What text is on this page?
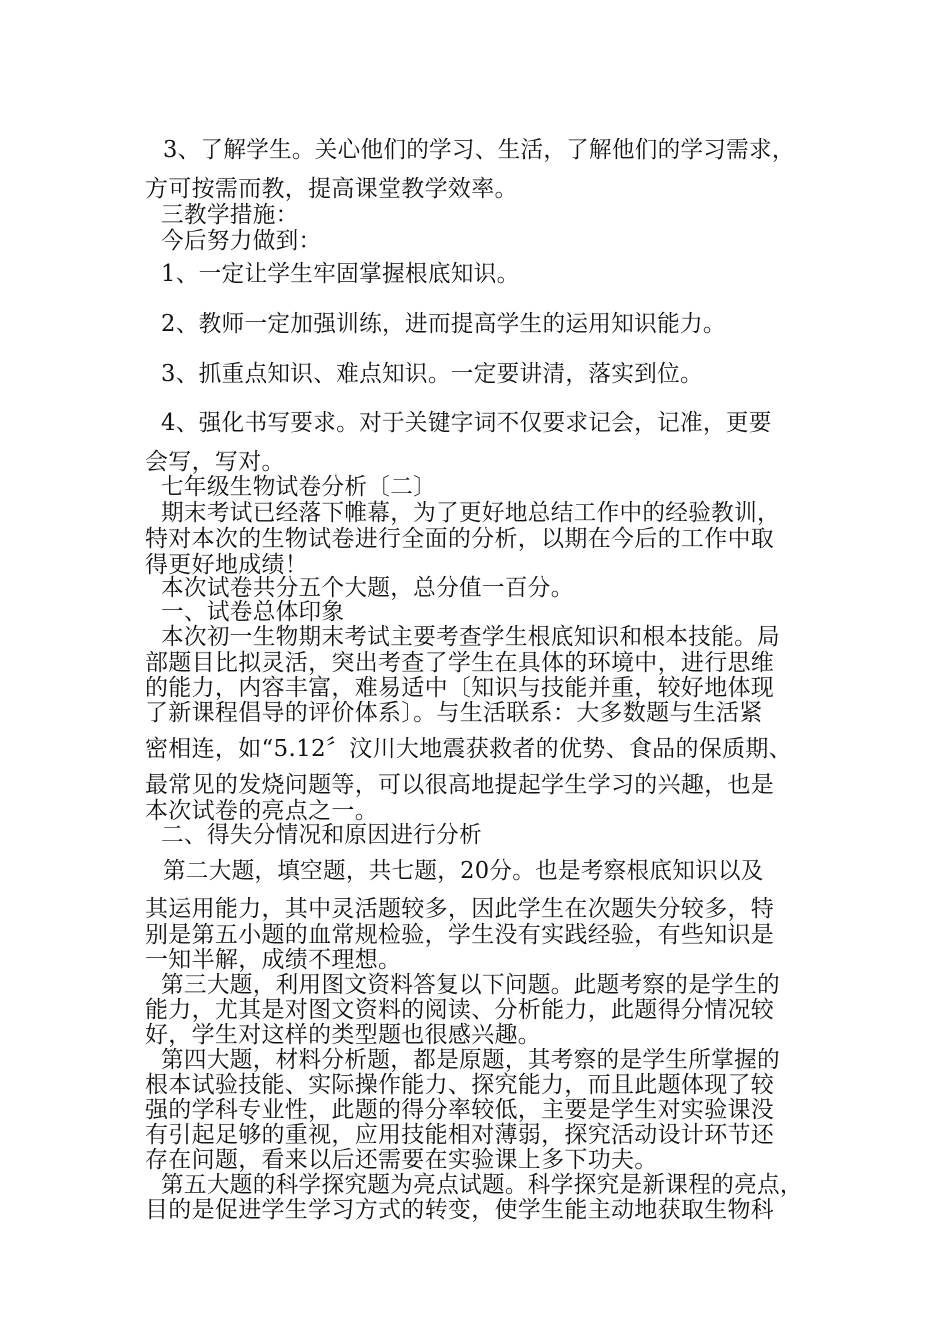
3、了解学生。关心他们的学习、生活，了解他们的学习需求，
方可按需而教，提高课堂教学效率。
三教学措施：
今后努力做到：
1、一定让学生牢固掌握根底知识。
2、教师一定加强训练，进而提高学生的运用知识能力。
3、抓重点知识、难点知识。一定要讲清，落实到位。
4、强化书写要求。对于关键字词不仅要求记会，记准，更要
会写，写对。
七年级生物试卷分析〔二〕
期末考试已经落下帷幕，为了更好地总结工作中的经验教训，
特对本次的生物试卷进行全面的分析，以期在今后的工作中取
得更好地成绩！
本次试卷共分五个大题，总分值一百分。
一、试卷总体印象
本次初一生物期末考试主要考查学生根底知识和根本技能。局
部题目比拟灵活，突出考查了学生在具体的环境中，进行思维
的能力，内容丰富，难易适中〔知识与技能并重，较好地体现
了新课程倡导的评价体系〕。与生活联系：大多数题与生活紧
密相连，如“5.12〞汶川大地震获救者的优势、食品的保质期、
最常见的发烧问题等，可以很高地提起学生学习的兴趣，也是
本次试卷的亮点之一。
二、得失分情况和原因进行分析
第二大题，填空题，共七题，20分。也是考察根底知识以及
其运用能力，其中灵活题较多，因此学生在次题失分较多，特
别是第五小题的血常规检验，学生没有实践经验，有些知识是
一知半解，成绩不理想。
第三大题，利用图文资料答复以下问题。此题考察的是学生的
能力，尤其是对图文资料的阅读、分析能力，此题得分情况较
好，学生对这样的类型题也很感兴趣。
第四大题，材料分析题，都是原题，其考察的是学生所掌握的
根本试验技能、实际操作能力、探究能力，而且此题体现了较
强的学科专业性，此题的得分率较低，主要是学生对实验课没
有引起足够的重视，应用技能相对薄弱，探究活动设计环节还
存在问题，看来以后还需要在实验课上多下功夫。
第五大题的科学探究题为亮点试题。科学探究是新课程的亮点，
目的是促进学生学习方式的转变，使学生能主动地获取生物科
